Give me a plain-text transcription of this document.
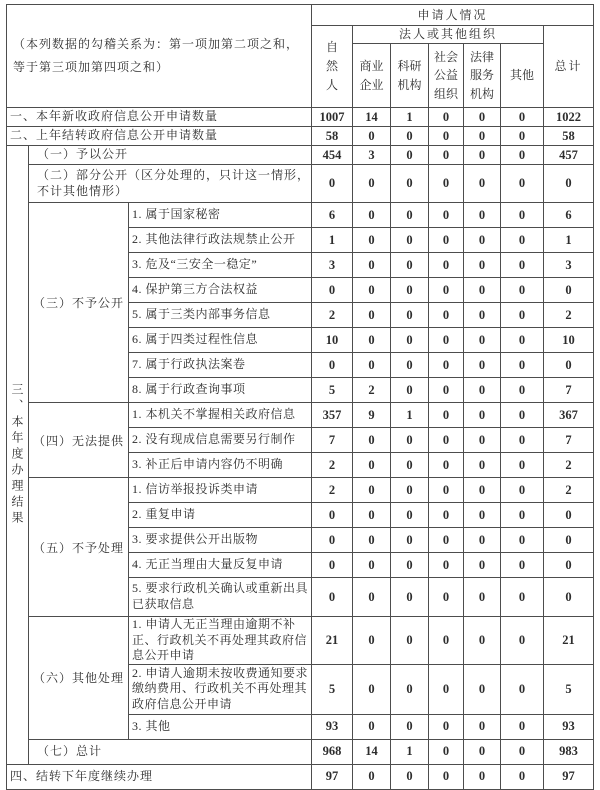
（本列数据的勾稽关系为：第一项加第二项之和，等于第三项加第四项之和）			申请人情况						
			自然人	法人或其他组织					总计
				商业企业	科研机构	社会公益组织	法律服务机构	其他	
一、本年新收政府信息公开申请数量			1007	14	1	0	0	0	1022
二、上年结转政府信息公开申请数量			58	0	0	0	0	0	58
三、本年度办理结果	（一）予以公开		454	3	0	0	0	0	457
	（二）部分公开（区分处理的，只计这一情形，不计其他情形）		0	0	0	0	0	0	0
	（三）不予公开	1. 属于国家秘密	6	0	0	0	0	0	6
		2. 其他法律行政法规禁止公开	1	0	0	0	0	0	1
		3. 危及“三安全一稳定”	3	0	0	0	0	0	3
		4. 保护第三方合法权益	0	0	0	0	0	0	0
		5. 属于三类内部事务信息	2	0	0	0	0	0	2
		6. 属于四类过程性信息	10	0	0	0	0	0	10
		7. 属于行政执法案卷	0	0	0	0	0	0	0
		8. 属于行政查询事项	5	2	0	0	0	0	7
	（四）无法提供	1. 本机关不掌握相关政府信息	357	9	1	0	0	0	367
		2. 没有现成信息需要另行制作	7	0	0	0	0	0	7
		3. 补正后申请内容仍不明确	2	0	0	0	0	0	2
	（五）不予处理	1. 信访举报投诉类申请	2	0	0	0	0	0	2
		2. 重复申请	0	0	0	0	0	0	0
		3. 要求提供公开出版物	0	0	0	0	0	0	0
		4. 无正当理由大量反复申请	0	0	0	0	0	0	0
		5. 要求行政机关确认或重新出具已获取信息	0	0	0	0	0	0	0
	（六）其他处理	1. 申请人无正当理由逾期不补正、行政机关不再处理其政府信息公开申请	21	0	0	0	0	0	21
		2. 申请人逾期未按收费通知要求缴纳费用、行政机关不再处理其政府信息公开申请	5	0	0	0	0	0	5
		3. 其他	93	0	0	0	0	0	93
	（七）总计		968	14	1	0	0	0	983
四、结转下年度继续办理			97	0	0	0	0	0	97
